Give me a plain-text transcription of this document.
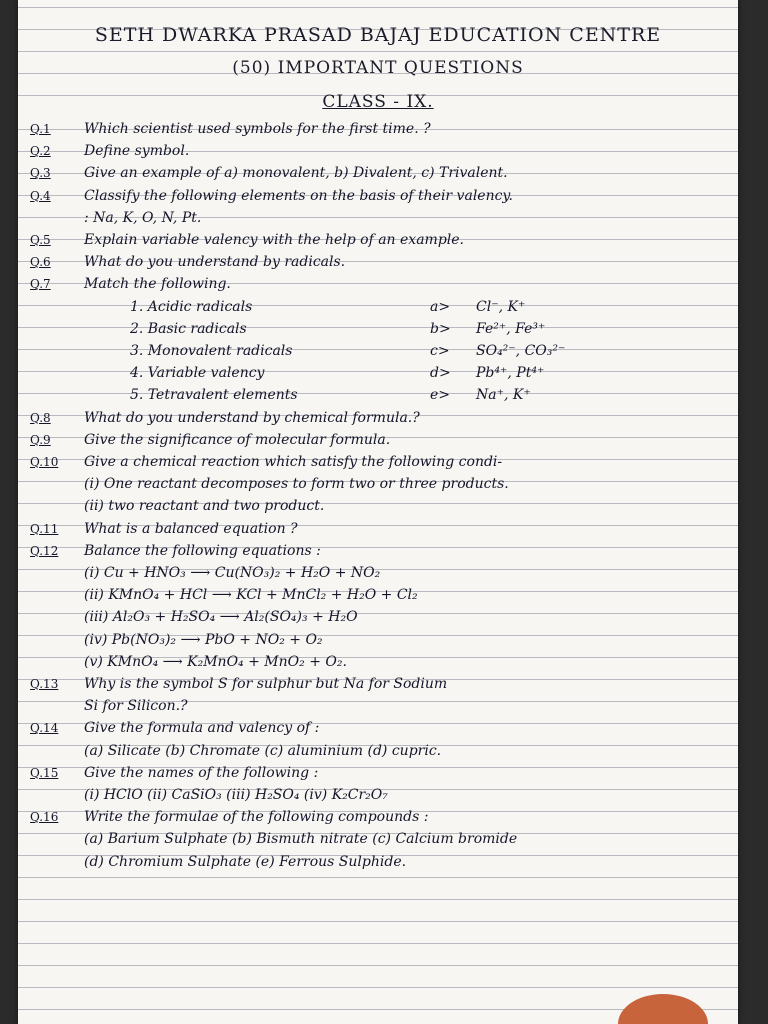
SETH DWARKA PRASAD BAJAJ EDUCATION CENTRE
(50) IMPORTANT QUESTIONS
CLASS - IX.
Q.1 Which scientist used symbols for the first time. ?
Q.2 Define symbol.
Q.3 Give an example of a) monovalent, b) Divalent, c) Trivalent.
Q.4 Classify the following elements on the basis of their valency.
: Na, K, O, N, Pt.
Q.5 Explain variable valency with the help of an example.
Q.6 What do you understand by radicals.
Q.7 Match the following.
1. Acidic radicals	a> Cl⁻, K⁺
2. Basic radicals	b> Fe²⁺, Fe³⁺
3. Monovalent radicals	c> SO₄²⁻, CO₃²⁻
4. Variable valency	d> Pb⁴⁺, Pt⁴⁺
5. Tetravalent elements	e> Na⁺, K⁺
Q.8 What do you understand by chemical formula.?
Q.9 Give the significance of molecular formula.
Q.10 Give a chemical reaction which satisfy the following condi-
(i) One reactant decomposes to form two or three products.
(ii) two reactant and two product.
Q.11 What is a balanced equation ?
Q.12 Balance the following equations :
(i) Cu + HNO₃ ⟶ Cu(NO₃)₂ + H₂O + NO₂
(ii) KMnO₄ + HCl ⟶ KCl + MnCl₂ + H₂O + Cl₂
(iii) Al₂O₃ + H₂SO₄ ⟶ Al₂(SO₄)₃ + H₂O
(iv) Pb(NO₃)₂ ⟶ PbO + NO₂ + O₂
(v) KMnO₄ ⟶ K₂MnO₄ + MnO₂ + O₂.
Q.13 Why is the symbol S for sulphur but Na for Sodium
Si for Silicon.?
Q.14 Give the formula and valency of :
(a) Silicate (b) Chromate (c) aluminium (d) cupric.
Q.15 Give the names of the following :
(i) HClO (ii) CaSiO₃ (iii) H₂SO₄ (iv) K₂Cr₂O₇
Q.16 Write the formulae of the following compounds :
(a) Barium Sulphate (b) Bismuth nitrate (c) Calcium bromide
(d) Chromium Sulphate (e) Ferrous Sulphide.
